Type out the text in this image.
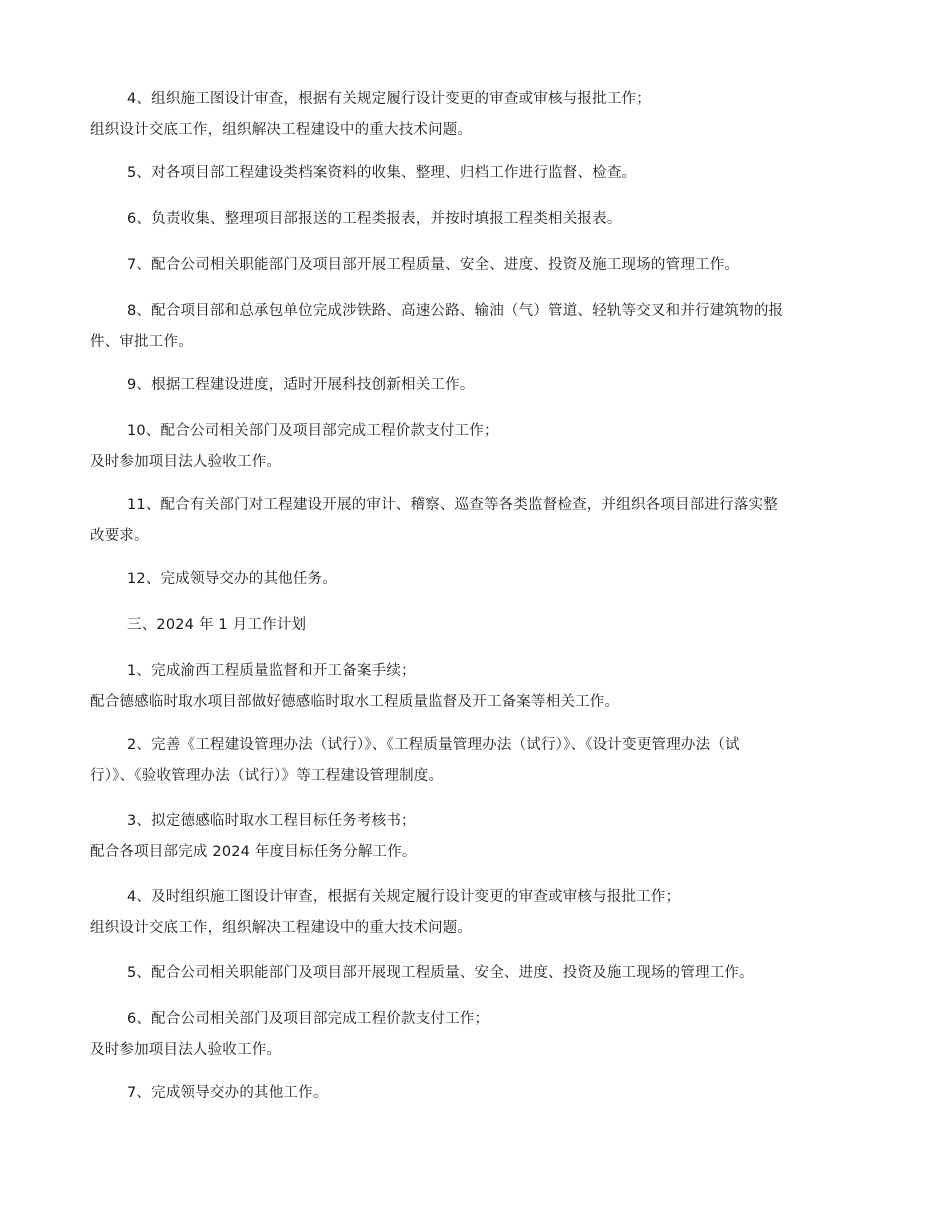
4、组织施工图设计审查，根据有关规定履行设计变更的审查或审核与报批工作；
组织设计交底工作，组织解决工程建设中的重大技术问题。
5、对各项目部工程建设类档案资料的收集、整理、归档工作进行监督、检查。
6、负责收集、整理项目部报送的工程类报表，并按时填报工程类相关报表。
7、配合公司相关职能部门及项目部开展工程质量、安全、进度、投资及施工现场的管理工作。
8、配合项目部和总承包单位完成涉铁路、高速公路、输油（气）管道、轻轨等交叉和并行建筑物的报
件、审批工作。
9、根据工程建设进度，适时开展科技创新相关工作。
10、配合公司相关部门及项目部完成工程价款支付工作；
及时参加项目法人验收工作。
11、配合有关部门对工程建设开展的审计、稽察、巡查等各类监督检查，并组织各项目部进行落实整
改要求。
12、完成领导交办的其他任务。
三、2024 年 1 月工作计划
1、完成渝西工程质量监督和开工备案手续；
配合德感临时取水项目部做好德感临时取水工程质量监督及开工备案等相关工作。
2、完善《工程建设管理办法（试行）》、《工程质量管理办法（试行）》、《设计变更管理办法（试
行）》、《验收管理办法（试行）》等工程建设管理制度。
3、拟定德感临时取水工程目标任务考核书；
配合各项目部完成 2024 年度目标任务分解工作。
4、及时组织施工图设计审查，根据有关规定履行设计变更的审查或审核与报批工作；
组织设计交底工作，组织解决工程建设中的重大技术问题。
5、配合公司相关职能部门及项目部开展现工程质量、安全、进度、投资及施工现场的管理工作。
6、配合公司相关部门及项目部完成工程价款支付工作；
及时参加项目法人验收工作。
7、完成领导交办的其他工作。
